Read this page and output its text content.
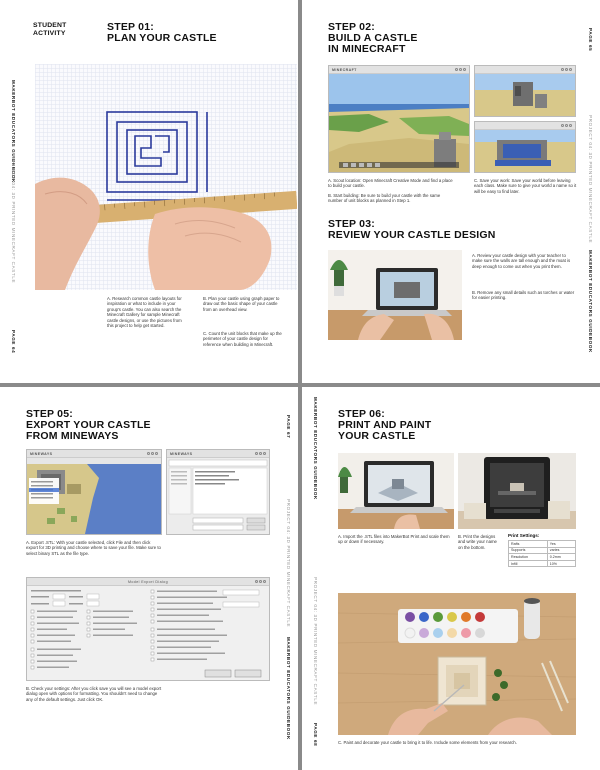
STUDENT
ACTIVITY
STEP 01:
PLAN YOUR CASTLE
MAKERBOT EDUCATORS GUIDEBOOK
PROJECT 04: 3D PRINTED MINECRAFT CASTLE
PAGE 64
A. Research common castle layouts for inspiration or what to include in your group's castle. You can also search the Minecraft Gallery for sample Minecraft castle designs, or use the pictures from this project to help get started.
B. Plan your castle using graph paper to draw out the basic shape of your castle from an overhead view.
C. Count the unit blocks that make up the perimeter of your castle design for reference when building in Minecraft.
STEP 02:
BUILD A CASTLE
IN MINECRAFT	PAGE 65
PROJECT 04: 3D PRINTED MINECRAFT CASTLE
MAKERBOT EDUCATORS GUIDEBOOK
MINECRAFT

A. Scout location: Open Minecraft Creative Mode and find a place to build your castle.
B. Start building: Be sure to build your castle with the same number of unit blocks as planned in Step 1.
C. Save your work: Save your world before leaving each class. Make sure to give your world a name so it will be easy to find later.
STEP 03:
REVIEW YOUR CASTLE DESIGN
A. Review your castle design with your teacher to make sure the walls are tall enough and the moat is deep enough to come out when you print them.
B. Remove any small details such as torches or water for easier printing.
STEP 05:
EXPORT YOUR CASTLE
FROM MINEWAYS	PAGE 67
PROJECT 04: 3D PRINTED MINECRAFT CASTLE
MAKERBOT EDUCATORS GUIDEBOOK
MINEWAYS	MINEWAYS
A. Export .STL: With your castle selected, click File and then click export for 3D printing and choose where to save your file. Make sure to select binary STL as the file type.
Model Export Dialog
B. Check your settings: After you click save you will see a model export dialog open with options for formatting. You shouldn't need to change any of the default settings. Just click OK.
STEP 06:
PRINT AND PAINT
YOUR CASTLE
MAKERBOT EDUCATORS GUIDEBOOK
PROJECT 04: 3D PRINTED MINECRAFT CASTLE
PAGE 68
A. Import the .STL files into MakerBot Print and scale them up or down if necessary.
B. Print the designs and write your name on the bottom.
Print Settings:
Rafts	Yes
Supports	varies
Resolution	0.2mm
Infill	10%
C. Paint and decorate your castle to bring it to life. Include some elements from your research.
